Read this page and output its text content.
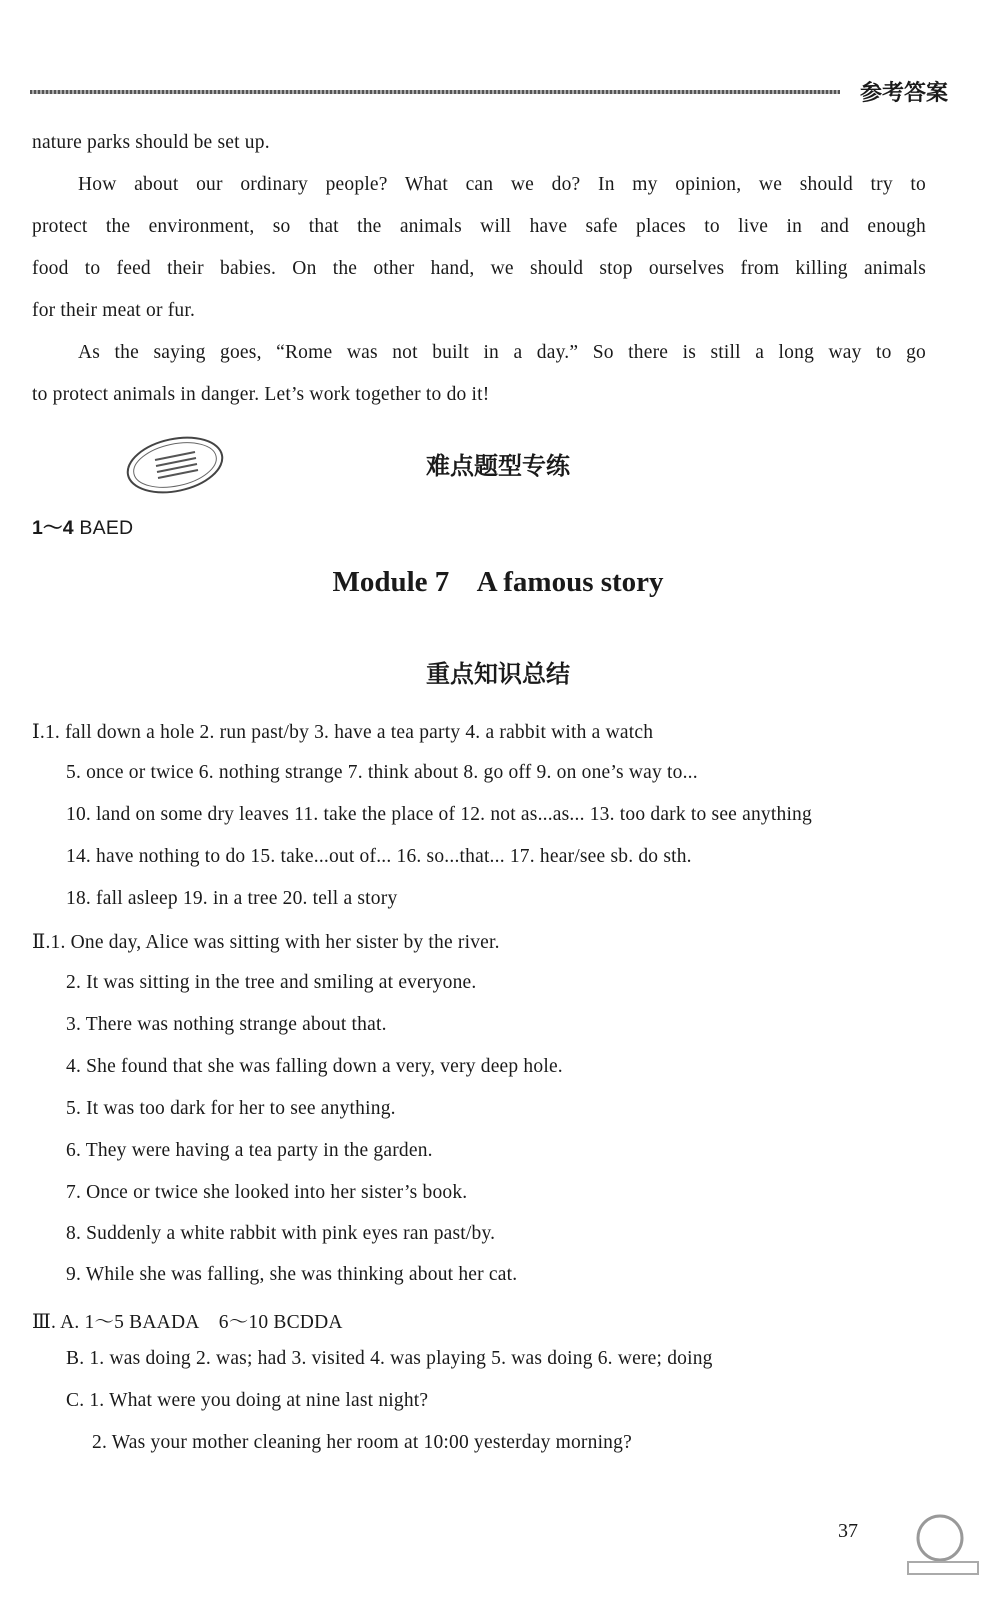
参考答案
nature parks should be set up.
How about our ordinary people? What can we do? In my opinion, we should try to
protect the environment, so that the animals will have safe places to live in and enough
food to feed their babies. On the other hand, we should stop ourselves from killing animals
for their meat or fur.
As the saying goes, “Rome was not built in a day.” So there is still a long way to go
to protect animals in danger. Let’s work together to do it!
难点题型专练
1～4 BAED
Module 7    A famous story
重点知识总结
Ⅰ.1. fall down a hole 2. run past/by 3. have a tea party 4. a rabbit with a watch
5. once or twice 6. nothing strange 7. think about 8. go off 9. on one’s way to...
10. land on some dry leaves 11. take the place of 12. not as...as... 13. too dark to see anything
14. have nothing to do 15. take...out of... 16. so...that... 17. hear/see sb. do sth.
18. fall asleep 19. in a tree 20. tell a story
Ⅱ.1. One day, Alice was sitting with her sister by the river.
2. It was sitting in the tree and smiling at everyone.
3. There was nothing strange about that.
4. She found that she was falling down a very, very deep hole.
5. It was too dark for her to see anything.
6. They were having a tea party in the garden.
7. Once or twice she looked into her sister’s book.
8. Suddenly a white rabbit with pink eyes ran past/by.
9. While she was falling, she was thinking about her cat.
Ⅲ. A. 1～5 BAADA    6～10 BCDDA
B. 1. was doing 2. was; had 3. visited 4. was playing 5. was doing 6. were; doing
C. 1. What were you doing at nine last night?
2. Was your mother cleaning her room at 10:00 yesterday morning?
37
